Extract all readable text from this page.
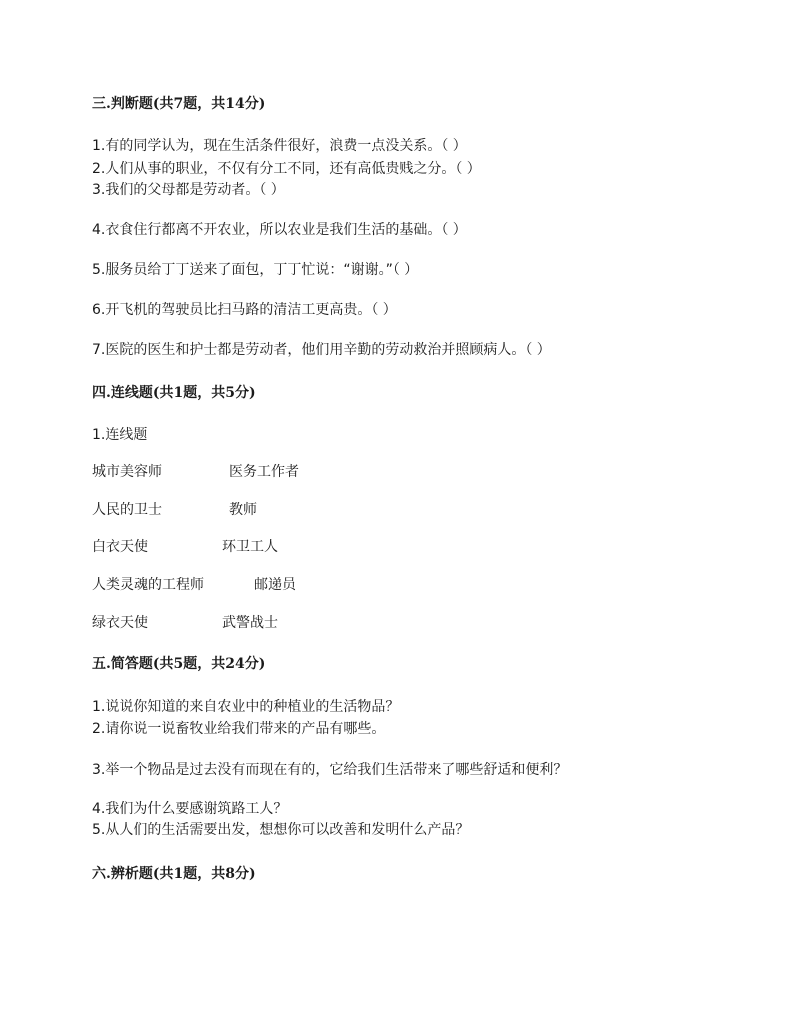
三.判断题(共7题，共14分)
1.有的同学认为，现在生活条件很好，浪费一点没关系。（ ）
2.人们从事的职业，不仅有分工不同，还有高低贵贱之分。（ ）
3.我们的父母都是劳动者。（ ）
4.衣食住行都离不开农业，所以农业是我们生活的基础。（ ）
5.服务员给丁丁送来了面包，丁丁忙说：“谢谢。”（ ）
6.开飞机的驾驶员比扫马路的清洁工更高贵。（ ）
7.医院的医生和护士都是劳动者，他们用辛勤的劳动救治并照顾病人。（ ）
四.连线题(共1题，共5分)
1.连线题
城市美容师	医务工作者
人民的卫士	教师
白衣天使	环卫工人
人类灵魂的工程师	邮递员
绿衣天使	武警战士
五.简答题(共5题，共24分)
1.说说你知道的来自农业中的种植业的生活物品？
2.请你说一说畜牧业给我们带来的产品有哪些。
3.举一个物品是过去没有而现在有的，它给我们生活带来了哪些舒适和便利？
4.我们为什么要感谢筑路工人？
5.从人们的生活需要出发，想想你可以改善和发明什么产品？
六.辨析题(共1题，共8分)
